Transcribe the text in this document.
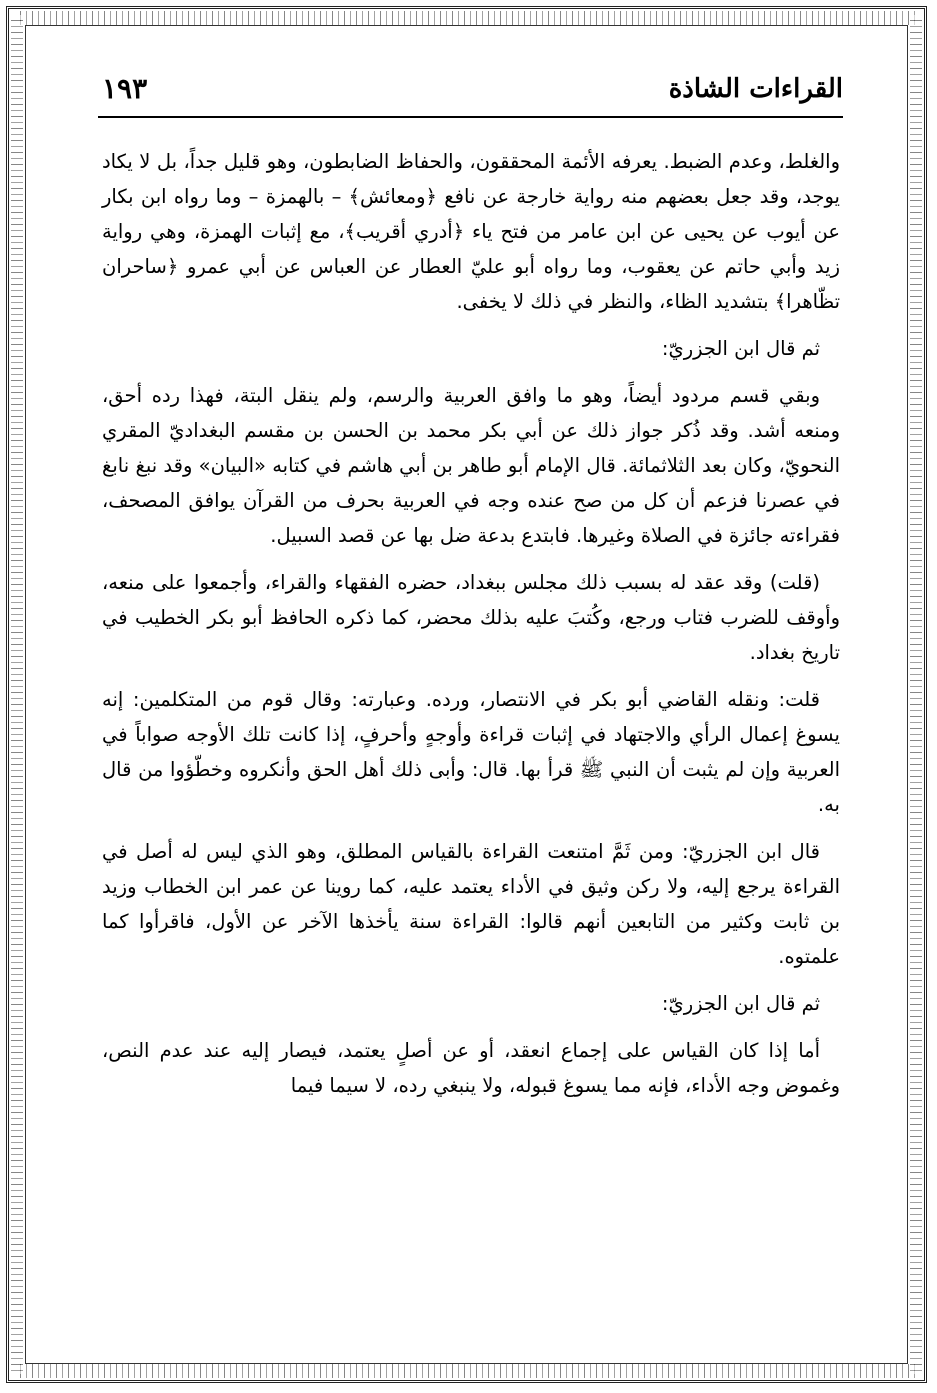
القراءات الشاذة
١٩٣

والغلط، وعدم الضبط. يعرفه الأئمة المحققون، والحفاظ الضابطون، وهو قليل جداً، بل لا يكاد يوجد، وقد جعل بعضهم منه رواية خارجة عن نافع ﴿ومعائش﴾ – بالهمزة – وما رواه ابن بكار عن أيوب عن يحيى عن ابن عامر من فتح ياء ﴿أدري أقريب﴾، مع إثبات الهمزة، وهي رواية زيد وأبي حاتم عن يعقوب، وما رواه أبو عليّ العطار عن العباس عن أبي عمرو ﴿ساحران تظّاهرا﴾ بتشديد الظاء، والنظر في ذلك لا يخفى.

ثم قال ابن الجزريّ:

وبقي قسم مردود أيضاً، وهو ما وافق العربية والرسم، ولم ينقل البتة، فهذا رده أحق، ومنعه أشد. وقد ذُكر جواز ذلك عن أبي بكر محمد بن الحسن بن مقسم البغداديّ المقري النحويّ، وكان بعد الثلاثمائة. قال الإمام أبو طاهر بن أبي هاشم في كتابه «البيان» وقد نبغ نابغ في عصرنا فزعم أن كل من صح عنده وجه في العربية بحرف من القرآن يوافق المصحف، فقراءته جائزة في الصلاة وغيرها. فابتدع بدعة ضل بها عن قصد السبيل.

(قلت) وقد عقد له بسبب ذلك مجلس ببغداد، حضره الفقهاء والقراء، وأجمعوا على منعه، وأوقف للضرب فتاب ورجع، وكُتبَ عليه بذلك محضر، كما ذكره الحافظ أبو بكر الخطيب في تاريخ بغداد.

قلت: ونقله القاضي أبو بكر في الانتصار، ورده. وعبارته: وقال قوم من المتكلمين: إنه يسوغ إعمال الرأي والاجتهاد في إثبات قراءة وأوجهٍ وأحرفٍ، إذا كانت تلك الأوجه صواباً في العربية وإن لم يثبت أن النبي ﷺ قرأ بها. قال: وأبى ذلك أهل الحق وأنكروه وخطّؤوا من قال به.

قال ابن الجزريّ: ومن ثَمَّ امتنعت القراءة بالقياس المطلق، وهو الذي ليس له أصل في القراءة يرجع إليه، ولا ركن وثيق في الأداء يعتمد عليه، كما روينا عن عمر ابن الخطاب وزيد بن ثابت وكثير من التابعين أنهم قالوا: القراءة سنة يأخذها الآخر عن الأول، فاقرأوا كما علمتوه.

ثم قال ابن الجزريّ:

أما إذا كان القياس على إجماع انعقد، أو عن أصلٍ يعتمد، فيصار إليه عند عدم النص، وغموض وجه الأداء، فإنه مما يسوغ قبوله، ولا ينبغي رده، لا سيما فيما
